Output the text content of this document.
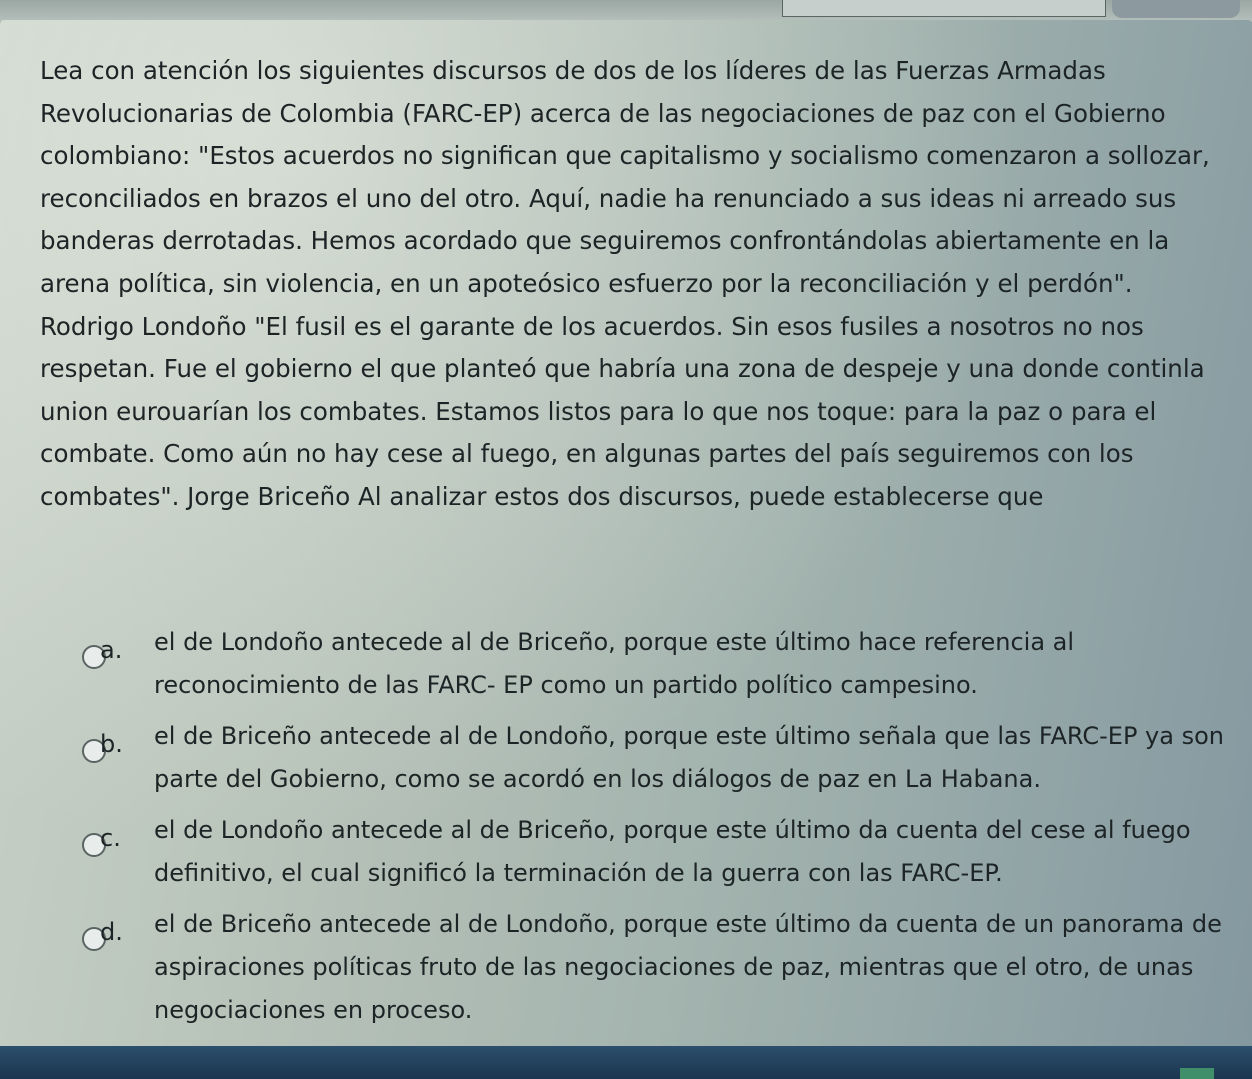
Lea con atención los siguientes discursos de dos de los líderes de las Fuerzas Armadas Revolucionarias de Colombia (FARC-EP) acerca de las negociaciones de paz con el Gobierno colombiano: "Estos acuerdos no significan que capitalismo y socialismo comenzaron a sollozar, reconciliados en brazos el uno del otro. Aquí, nadie ha renunciado a sus ideas ni arreado sus banderas derrotadas. Hemos acordado que seguiremos confrontándolas abiertamente en la arena política, sin violencia, en un apoteósico esfuerzo por la reconciliación y el perdón". Rodrigo Londoño "El fusil es el garante de los acuerdos. Sin esos fusiles a nosotros no nos respetan. Fue el gobierno el que planteó que habría una zona de despeje y una donde continla union eurouarían los combates. Estamos listos para lo que nos toque: para la paz o para el combate. Como aún no hay cese al fuego, en algunas partes del país seguiremos con los combates". Jorge Briceño Al analizar estos dos discursos, puede establecerse que

a. el de Londoño antecede al de Briceño, porque este último hace referencia al reconocimiento de las FARC- EP como un partido político campesino.
b. el de Briceño antecede al de Londoño, porque este último señala que las FARC-EP ya son parte del Gobierno, como se acordó en los diálogos de paz en La Habana.
c. el de Londoño antecede al de Briceño, porque este último da cuenta del cese al fuego definitivo, el cual significó la terminación de la guerra con las FARC-EP.
d. el de Briceño antecede al de Londoño, porque este último da cuenta de un panorama de aspiraciones políticas fruto de las negociaciones de paz, mientras que el otro, de unas negociaciones en proceso.
